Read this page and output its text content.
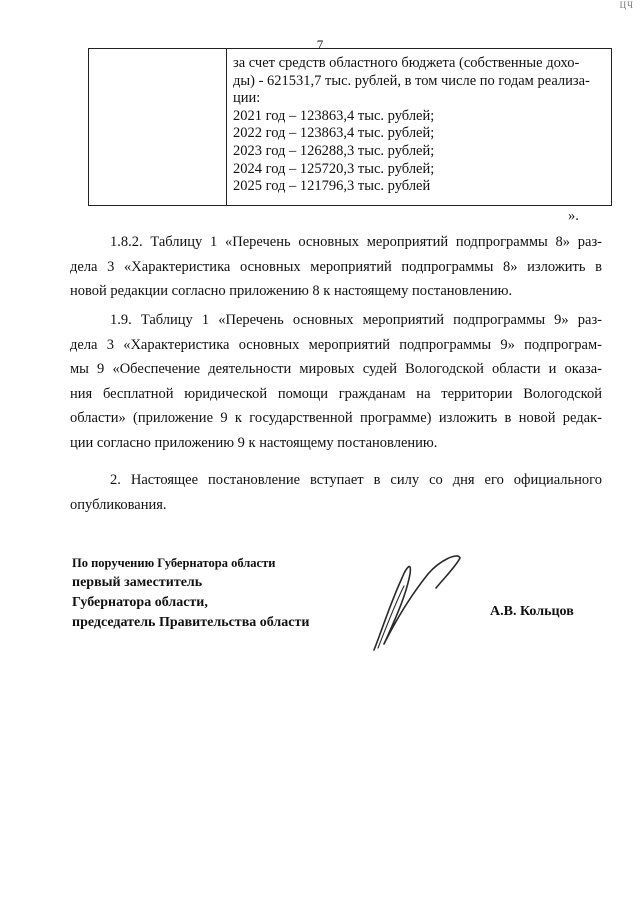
ЦЧ
7
за счет средств областного бюджета (собственные дохо-
ды) - 621531,7 тыс. рублей, в том числе по годам реализа-
ции:
2021 год – 123863,4 тыс. рублей;
2022 год – 123863,4 тыс. рублей;
2023 год – 126288,3 тыс. рублей;
2024 год – 125720,3 тыс. рублей;
2025 год – 121796,3 тыс. рублей
».
1.8.2. Таблицу 1 «Перечень основных мероприятий подпрограммы 8» раз-
дела 3 «Характеристика основных мероприятий подпрограммы 8» изложить в
новой редакции согласно приложению 8 к настоящему постановлению.
1.9. Таблицу 1 «Перечень основных мероприятий подпрограммы 9» раз-
дела 3 «Характеристика основных мероприятий подпрограммы 9» подпрограм-
мы 9 «Обеспечение деятельности мировых судей Вологодской области и оказа-
ния бесплатной юридической помощи гражданам на территории Вологодской
области» (приложение 9 к государственной программе) изложить в новой редак-
ции согласно приложению 9 к настоящему постановлению.
2. Настоящее постановление вступает в силу со дня его официального
опубликования.
По поручению Губернатора области
первый заместитель
Губернатора области,
председатель Правительства области
А.В. Кольцов
